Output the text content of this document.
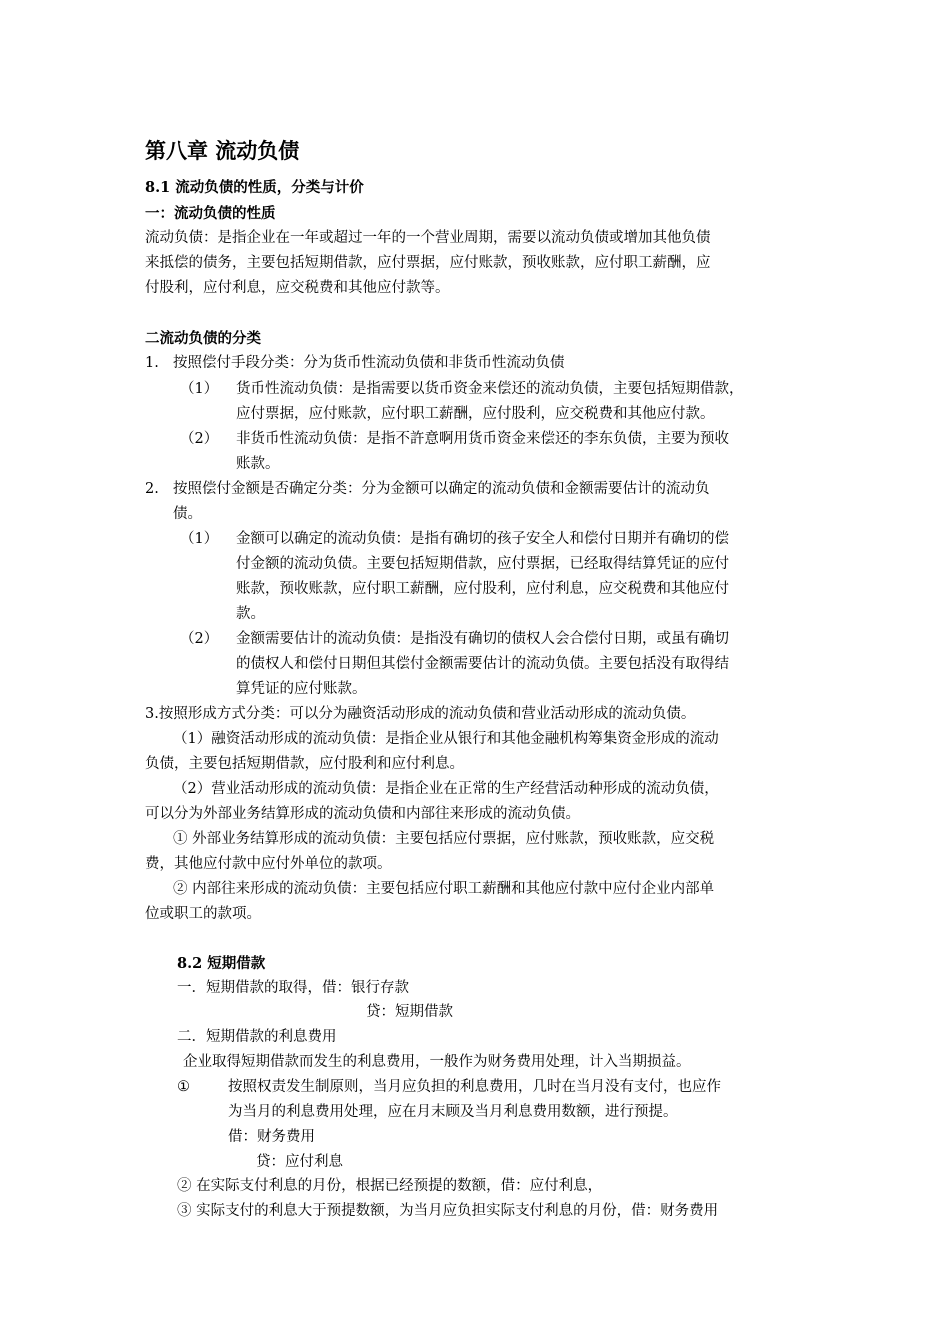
第八章 流动负债
8.1 流动负债的性质，分类与计价
一：流动负债的性质
流动负债：是指企业在一年或超过一年的一个营业周期，需要以流动负债或增加其他负债
来抵偿的债务，主要包括短期借款，应付票据，应付账款，预收账款，应付职工薪酬，应
付股利，应付利息，应交税费和其他应付款等。
二流动负债的分类
1. 按照偿付手段分类：分为货币性流动负债和非货币性流动负债
（1） 货币性流动负债：是指需要以货币资金来偿还的流动负债，主要包括短期借款，
应付票据，应付账款，应付职工薪酬，应付股利，应交税费和其他应付款。
（2） 非货币性流动负债：是指不許意啊用货币资金来偿还的李东负债，主要为预收
账款。
2. 按照偿付金额是否确定分类：分为金额可以确定的流动负债和金额需要估计的流动负
债。
（1） 金额可以确定的流动负债：是指有确切的孩子安全人和偿付日期并有确切的偿
付金额的流动负债。主要包括短期借款，应付票据，已经取得结算凭证的应付
账款，预收账款，应付职工薪酬，应付股利，应付利息，应交税费和其他应付
款。
（2） 金额需要估计的流动负债：是指没有确切的债权人会合偿付日期，或虽有确切
的债权人和偿付日期但其偿付金额需要估计的流动负债。主要包括没有取得结
算凭证的应付账款。
3.按照形成方式分类：可以分为融资活动形成的流动负债和营业活动形成的流动负债。
（1）融资活动形成的流动负债：是指企业从银行和其他金融机构筹集资金形成的流动
负债，主要包括短期借款，应付股利和应付利息。
（2）营业活动形成的流动负债：是指企业在正常的生产经营活动种形成的流动负债，
可以分为外部业务结算形成的流动负债和内部往来形成的流动负债。
① 外部业务结算形成的流动负债：主要包括应付票据，应付账款，预收账款，应交税
费，其他应付款中应付外单位的款项。
② 内部往来形成的流动负债：主要包括应付职工薪酬和其他应付款中应付企业内部单
位或职工的款项。
8.2 短期借款
一．短期借款的取得，借：银行存款
贷：短期借款
二．短期借款的利息费用
企业取得短期借款而发生的利息费用，一般作为财务费用处理，计入当期损益。
①	按照权责发生制原则，当月应负担的利息费用，几时在当月没有支付，也应作
为当月的利息费用处理，应在月末顾及当月利息费用数额，进行预提。
借：财务费用
贷：应付利息
② 在实际支付利息的月份，根据已经预提的数额，借：应付利息，
③ 实际支付的利息大于预提数额，为当月应负担实际支付利息的月份，借：财务费用
